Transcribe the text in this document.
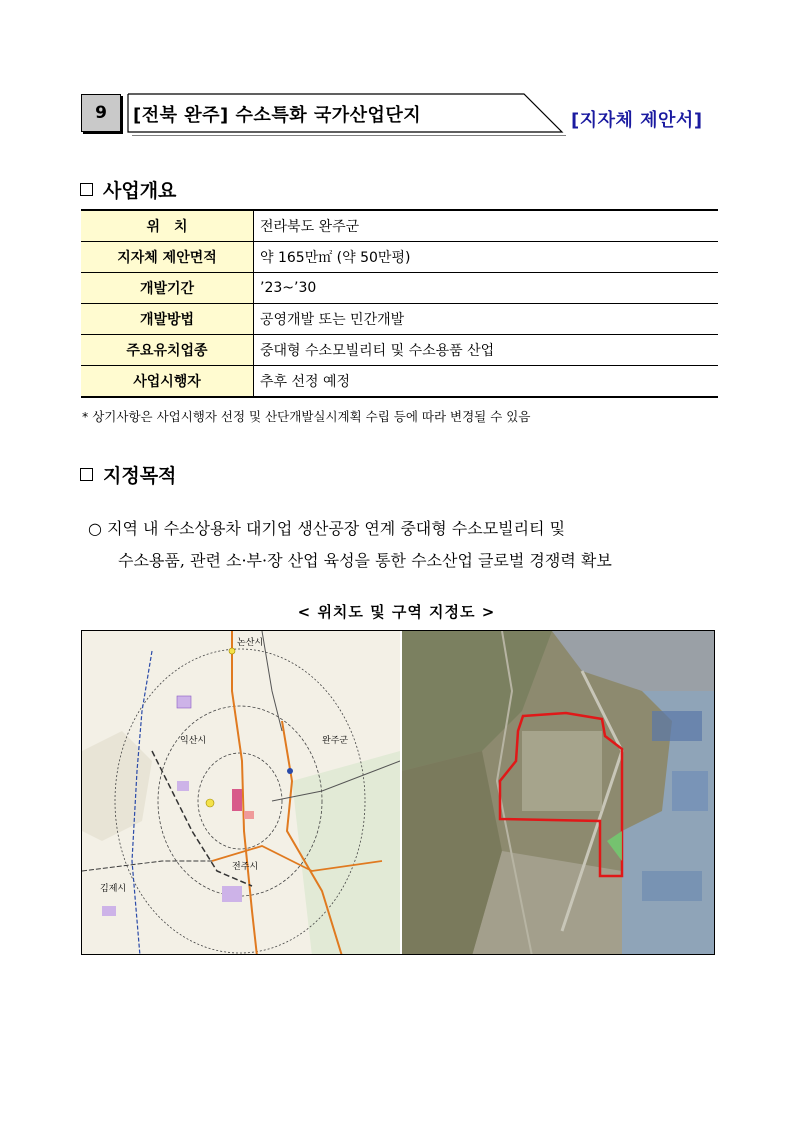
9	[전북 완주] 수소특화 국가산업단지	[지자체 제안서]
사업개요
위　치	전라북도 완주군
지자체 제안면적	약 165만㎡ (약 50만평)
개발기간	’23~’30
개발방법	공영개발 또는 민간개발
주요유치업종	중대형 수소모빌리티 및 수소용품 산업
사업시행자	추후 선정 예정
* 상기사항은 사업시행자 선정 및 산단개발실시계획 수립 등에 따라 변경될 수 있음
지정목적
○ 지역 내 수소상용차 대기업 생산공장 연계 중대형 수소모빌리티 및
수소용품, 관련 소·부·장 산업 육성을 통한 수소산업 글로벌 경쟁력 확보
< 위치도 및 구역 지정도 >
논산시
익산시	완주군
전주시
김제시
